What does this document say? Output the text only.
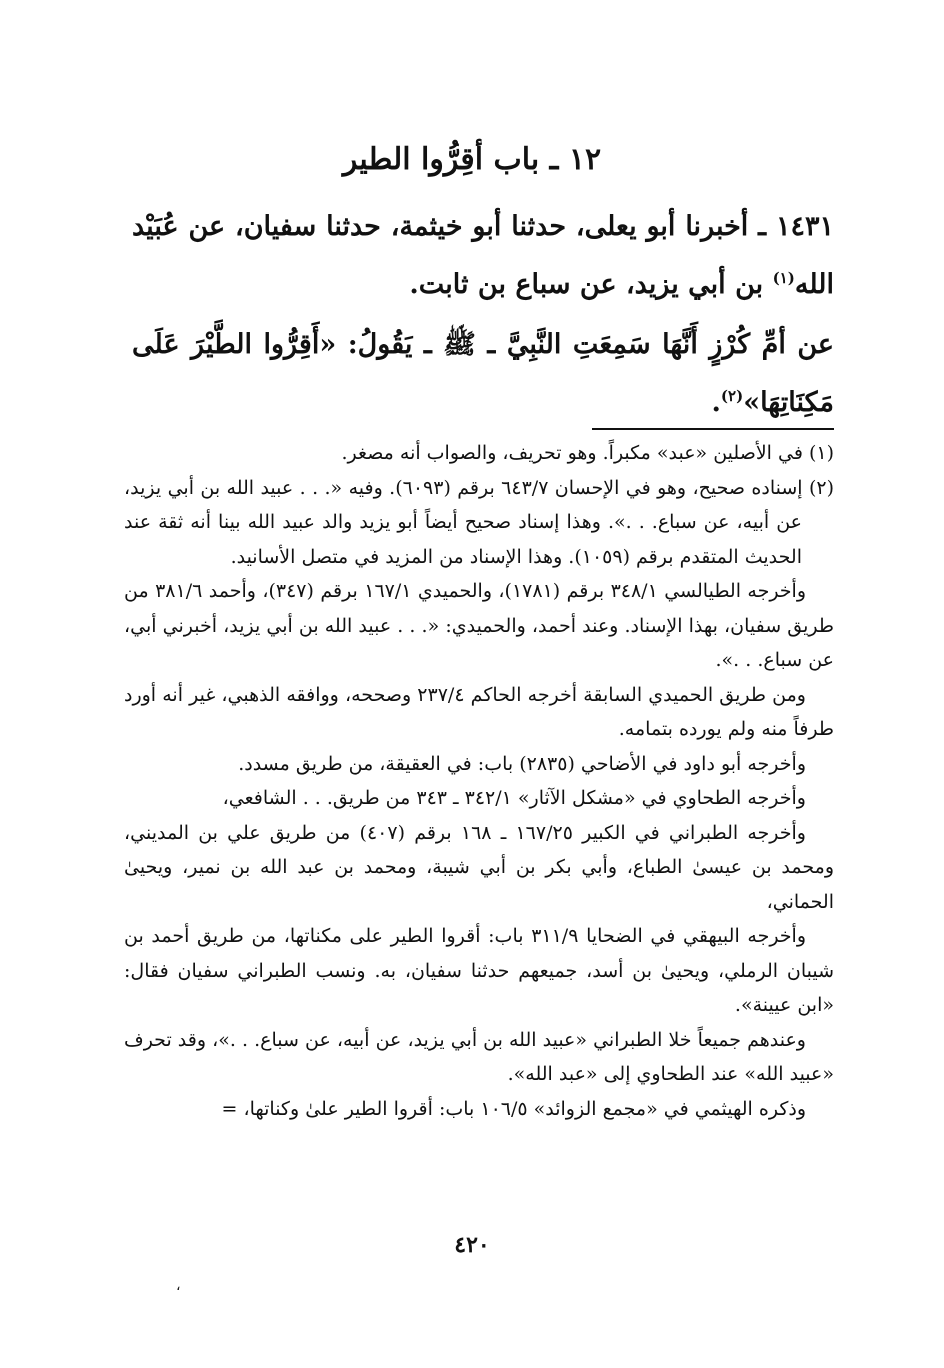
١٢ ـ باب أقِرُّوا الطير

١٤٣١ ـ أخبرنا أبو يعلى، حدثنا أبو خيثمة، حدثنا سفيان، عن عُبَيْد الله$^{(١)}$ بن أبي يزيد، عن سباع بن ثابت.

عن أمِّ كُرْزٍ أَنَّهَا سَمِعَتِ النَّبِيَّ ـ ﷺ ـ يَقُولُ: «أَقِرُّوا الطَّيْرَ عَلَى مَكِنَاتِهَا»$^{(٢)}$.

(١) في الأصلين «عبد» مكبراً. وهو تحريف، والصواب أنه مصغر.

(٢) إسناده صحيح، وهو في الإحسان ٦٤٣/٧ برقم (٦٠٩٣). وفيه «. . . عبيد الله بن أبي يزيد، عن أبيه، عن سباع. . .». وهذا إسناد صحيح أيضاً أبو يزيد والد عبيد الله بينا أنه ثقة عند الحديث المتقدم برقم (١٠٥٩). وهذا الإسناد من المزيد في متصل الأسانيد.

وأخرجه الطيالسي ٣٤٨/١ برقم (١٧٨١)، والحميدي ١٦٧/١ برقم (٣٤٧)، وأحمد ٣٨١/٦ من طريق سفيان، بهذا الإسناد. وعند أحمد، والحميدي: «. . . عبيد الله بن أبي يزيد، أخبرني أبي، عن سباع. . .».

ومن طريق الحميدي السابقة أخرجه الحاكم ٢٣٧/٤ وصححه، ووافقه الذهبي، غير أنه أورد طرفاً منه ولم يورده بتمامه.

وأخرجه أبو داود في الأضاحي (٢٨٣٥) باب: في العقيقة، من طريق مسدد.

وأخرجه الطحاوي في «مشكل الآثار» ٣٤٢/١ ـ ٣٤٣ من طريق. . . الشافعي،

وأخرجه الطبراني في الكبير ١٦٧/٢٥ ـ ١٦٨ برقم (٤٠٧) من طريق علي بن المديني، ومحمد بن عيسىٰ الطباع، وأبي بكر بن أبي شيبة، ومحمد بن عبد الله بن نمير، ويحيىٰ الحماني،

وأخرجه البيهقي في الضحايا ٣١١/٩ باب: أقروا الطير على مكناتها، من طريق أحمد بن شيبان الرملي، ويحيىٰ بن أسد، جميعهم حدثنا سفيان، به. ونسب الطبراني سفيان فقال: «ابن عيينة».

وعندهم جميعاً خلا الطبراني «عبيد الله بن أبي يزيد، عن أبيه، عن سباع. . .»، وقد تحرف «عبيد الله» عند الطحاوي إلى «عبد الله».

وذكره الهيثمي في «مجمع الزوائد» ١٠٦/٥ باب: أقروا الطير علىٰ وكناتها، =

٤٢٠
،
